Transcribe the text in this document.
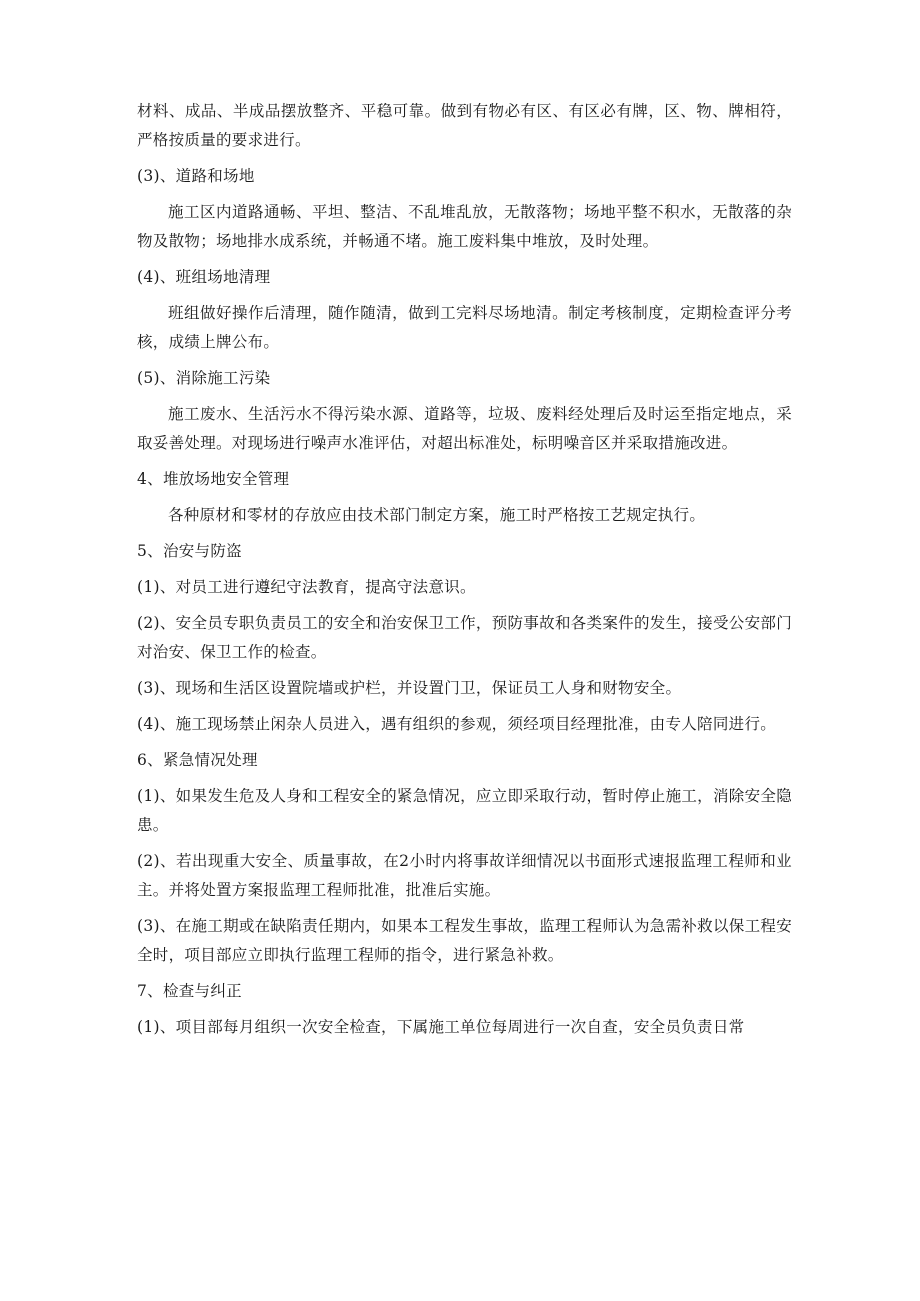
材料、成品、半成品摆放整齐、平稳可靠。做到有物必有区、有区必有牌，区、物、牌相符，严格按质量的要求进行。

(3)、道路和场地

施工区内道路通畅、平坦、整洁、不乱堆乱放，无散落物；场地平整不积水，无散落的杂物及散物；场地排水成系统，并畅通不堵。施工废料集中堆放，及时处理。

(4)、班组场地清理

班组做好操作后清理，随作随清，做到工完料尽场地清。制定考核制度，定期检查评分考核，成绩上牌公布。

(5)、消除施工污染

施工废水、生活污水不得污染水源、道路等，垃圾、废料经处理后及时运至指定地点，采取妥善处理。对现场进行噪声水准评估，对超出标准处，标明噪音区并采取措施改进。

4、堆放场地安全管理

各种原材和零材的存放应由技术部门制定方案，施工时严格按工艺规定执行。

5、治安与防盗

(1)、对员工进行遵纪守法教育，提高守法意识。

(2)、安全员专职负责员工的安全和治安保卫工作，预防事故和各类案件的发生，接受公安部门对治安、保卫工作的检查。

(3)、现场和生活区设置院墙或护栏，并设置门卫，保证员工人身和财物安全。

(4)、施工现场禁止闲杂人员进入，遇有组织的参观，须经项目经理批准，由专人陪同进行。

6、紧急情况处理

(1)、如果发生危及人身和工程安全的紧急情况，应立即采取行动，暂时停止施工，消除安全隐患。

(2)、若出现重大安全、质量事故，在2小时内将事故详细情况以书面形式速报监理工程师和业主。并将处置方案报监理工程师批准，批准后实施。

(3)、在施工期或在缺陷责任期内，如果本工程发生事故，监理工程师认为急需补救以保工程安全时，项目部应立即执行监理工程师的指令，进行紧急补救。

7、检查与纠正

(1)、项目部每月组织一次安全检查，下属施工单位每周进行一次自查，安全员负责日常
